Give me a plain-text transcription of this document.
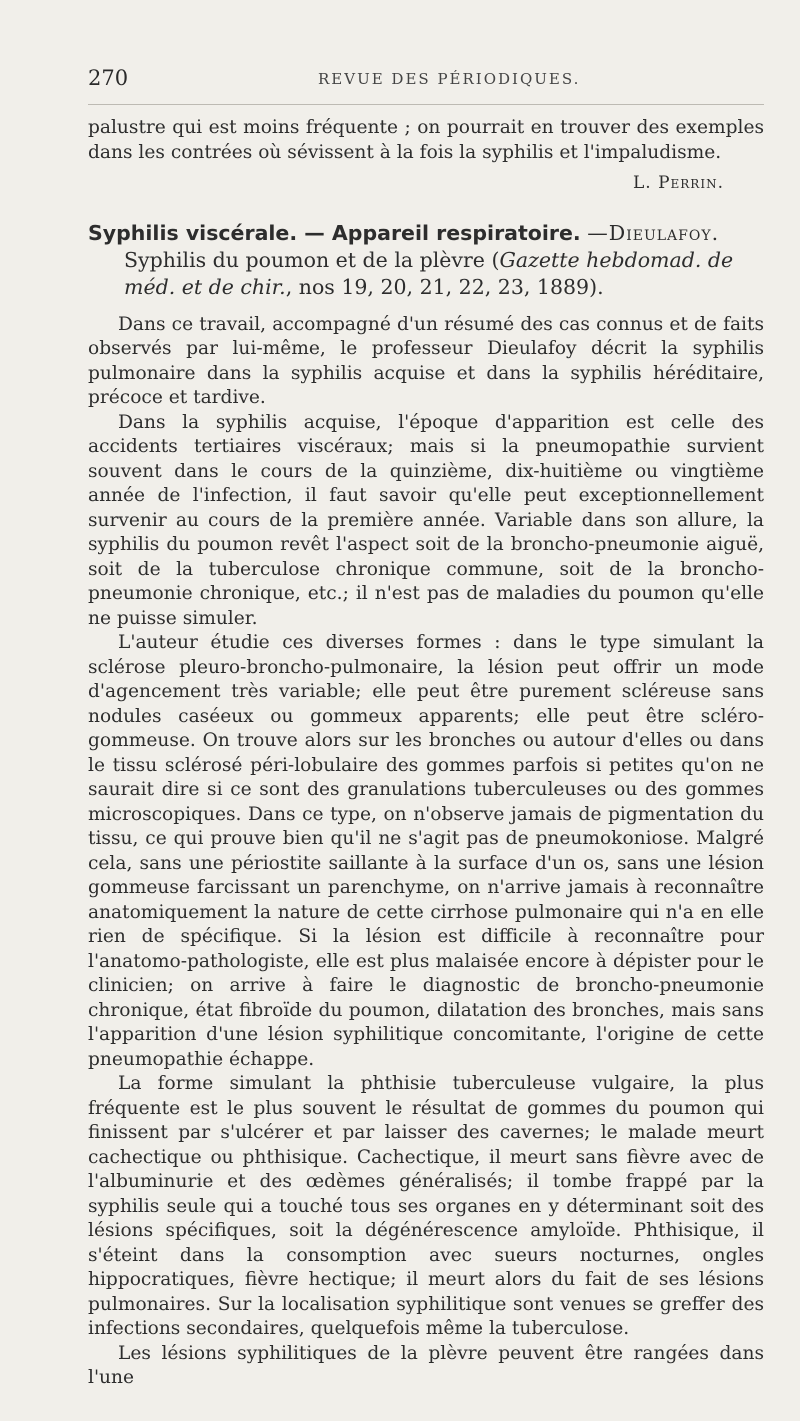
270	REVUE DES PÉRIODIQUES.

palustre qui est moins fréquente ; on pourrait en trouver des exemples dans les contrées où sévissent à la fois la syphilis et l'impaludisme.

L. Perrin.

Syphilis viscérale. — Appareil respiratoire. —Dieulafoy. Syphilis du poumon et de la plèvre (Gazette hebdomad. de méd. et de chir., nos 19, 20, 21, 22, 23, 1889).

Dans ce travail, accompagné d'un résumé des cas connus et de faits observés par lui-même, le professeur Dieulafoy décrit la syphilis pulmonaire dans la syphilis acquise et dans la syphilis héréditaire, précoce et tardive.

Dans la syphilis acquise, l'époque d'apparition est celle des accidents tertiaires viscéraux; mais si la pneumopathie survient souvent dans le cours de la quinzième, dix-huitième ou vingtième année de l'infection, il faut savoir qu'elle peut exceptionnellement survenir au cours de la première année. Variable dans son allure, la syphilis du poumon revêt l'aspect soit de la broncho-pneumonie aiguë, soit de la tuberculose chronique commune, soit de la broncho-pneumonie chronique, etc.; il n'est pas de maladies du poumon qu'elle ne puisse simuler.

L'auteur étudie ces diverses formes : dans le type simulant la sclérose pleuro-broncho-pulmonaire, la lésion peut offrir un mode d'agencement très variable; elle peut être purement scléreuse sans nodules caséeux ou gommeux apparents; elle peut être scléro-gommeuse. On trouve alors sur les bronches ou autour d'elles ou dans le tissu sclérosé péri-lobulaire des gommes parfois si petites qu'on ne saurait dire si ce sont des granulations tuberculeuses ou des gommes microscopiques. Dans ce type, on n'observe jamais de pigmentation du tissu, ce qui prouve bien qu'il ne s'agit pas de pneumokoniose. Malgré cela, sans une périostite saillante à la surface d'un os, sans une lésion gommeuse farcissant un parenchyme, on n'arrive jamais à reconnaître anatomiquement la nature de cette cirrhose pulmonaire qui n'a en elle rien de spécifique. Si la lésion est difficile à reconnaître pour l'anatomo-pathologiste, elle est plus malaisée encore à dépister pour le clinicien; on arrive à faire le diagnostic de broncho-pneumonie chronique, état fibroïde du poumon, dilatation des bronches, mais sans l'apparition d'une lésion syphilitique concomitante, l'origine de cette pneumopathie échappe.

La forme simulant la phthisie tuberculeuse vulgaire, la plus fréquente est le plus souvent le résultat de gommes du poumon qui finissent par s'ulcérer et par laisser des cavernes; le malade meurt cachectique ou phthisique. Cachectique, il meurt sans fièvre avec de l'albuminurie et des œdèmes généralisés; il tombe frappé par la syphilis seule qui a touché tous ses organes en y déterminant soit des lésions spécifiques, soit la dégénérescence amyloïde. Phthisique, il s'éteint dans la consomption avec sueurs nocturnes, ongles hippocratiques, fièvre hectique; il meurt alors du fait de ses lésions pulmonaires. Sur la localisation syphilitique sont venues se greffer des infections secondaires, quelquefois même la tuberculose.

Les lésions syphilitiques de la plèvre peuvent être rangées dans l'une
